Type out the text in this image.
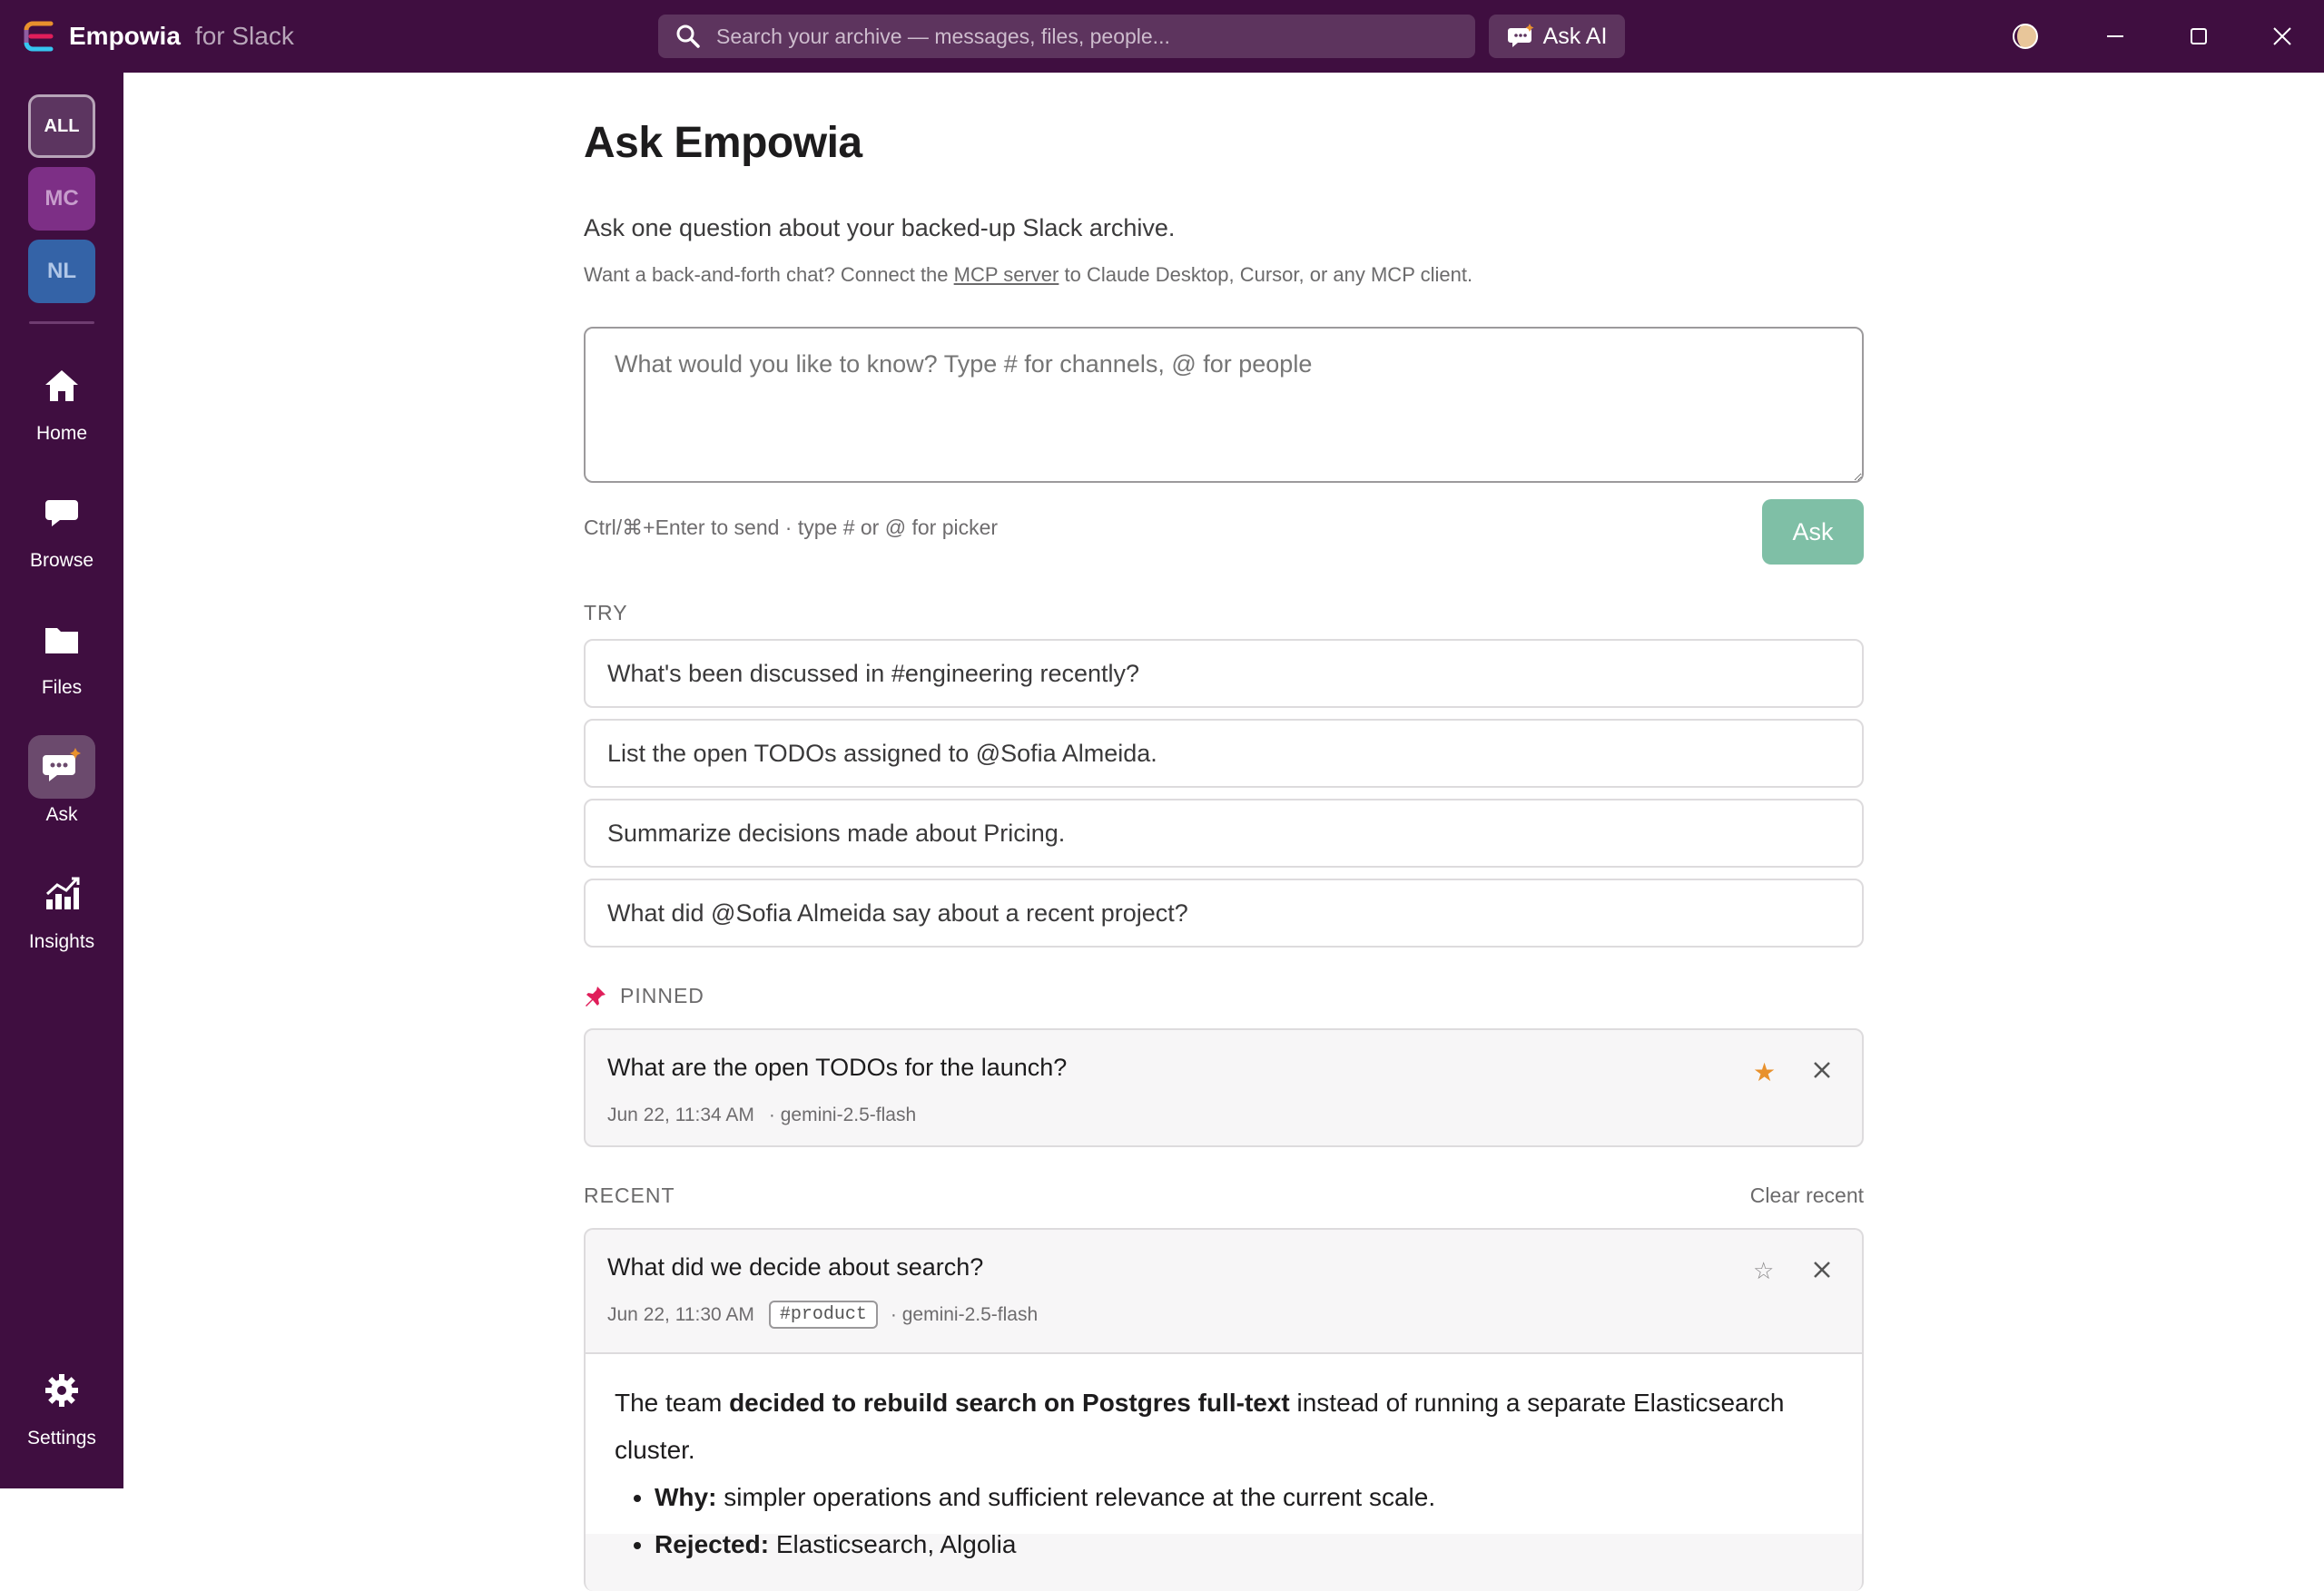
Empowia for Slack	Search your archive — messages, files, people...	Ask AI
ALL
MC
NL
Home
Browse
Files
Ask
Insights
Settings
Ask Empowia
Ask one question about your backed-up Slack archive.
Want a back-and-forth chat? Connect the MCP server to Claude Desktop, Cursor, or any MCP client.
What would you like to know? Type # for channels, @ for people
Ctrl/⌘+Enter to send · type # or @ for picker	Ask
TRY
What's been discussed in #engineering recently?
List the open TODOs assigned to @Sofia Almeida.
Summarize decisions made about Pricing.
What did @Sofia Almeida say about a recent project?
PINNED
What are the open TODOs for the launch?
Jun 22, 11:34 AM · gemini-2.5-flash
★
RECENT	Clear recent
What did we decide about search?
Jun 22, 11:30 AM	#product	· gemini-2.5-flash
☆

The team decided to rebuild search on Postgres full-text instead of running a separate Elasticsearch cluster.

• Why: simpler operations and sufficient relevance at the current scale.
• Rejected: Elasticsearch, Algolia
